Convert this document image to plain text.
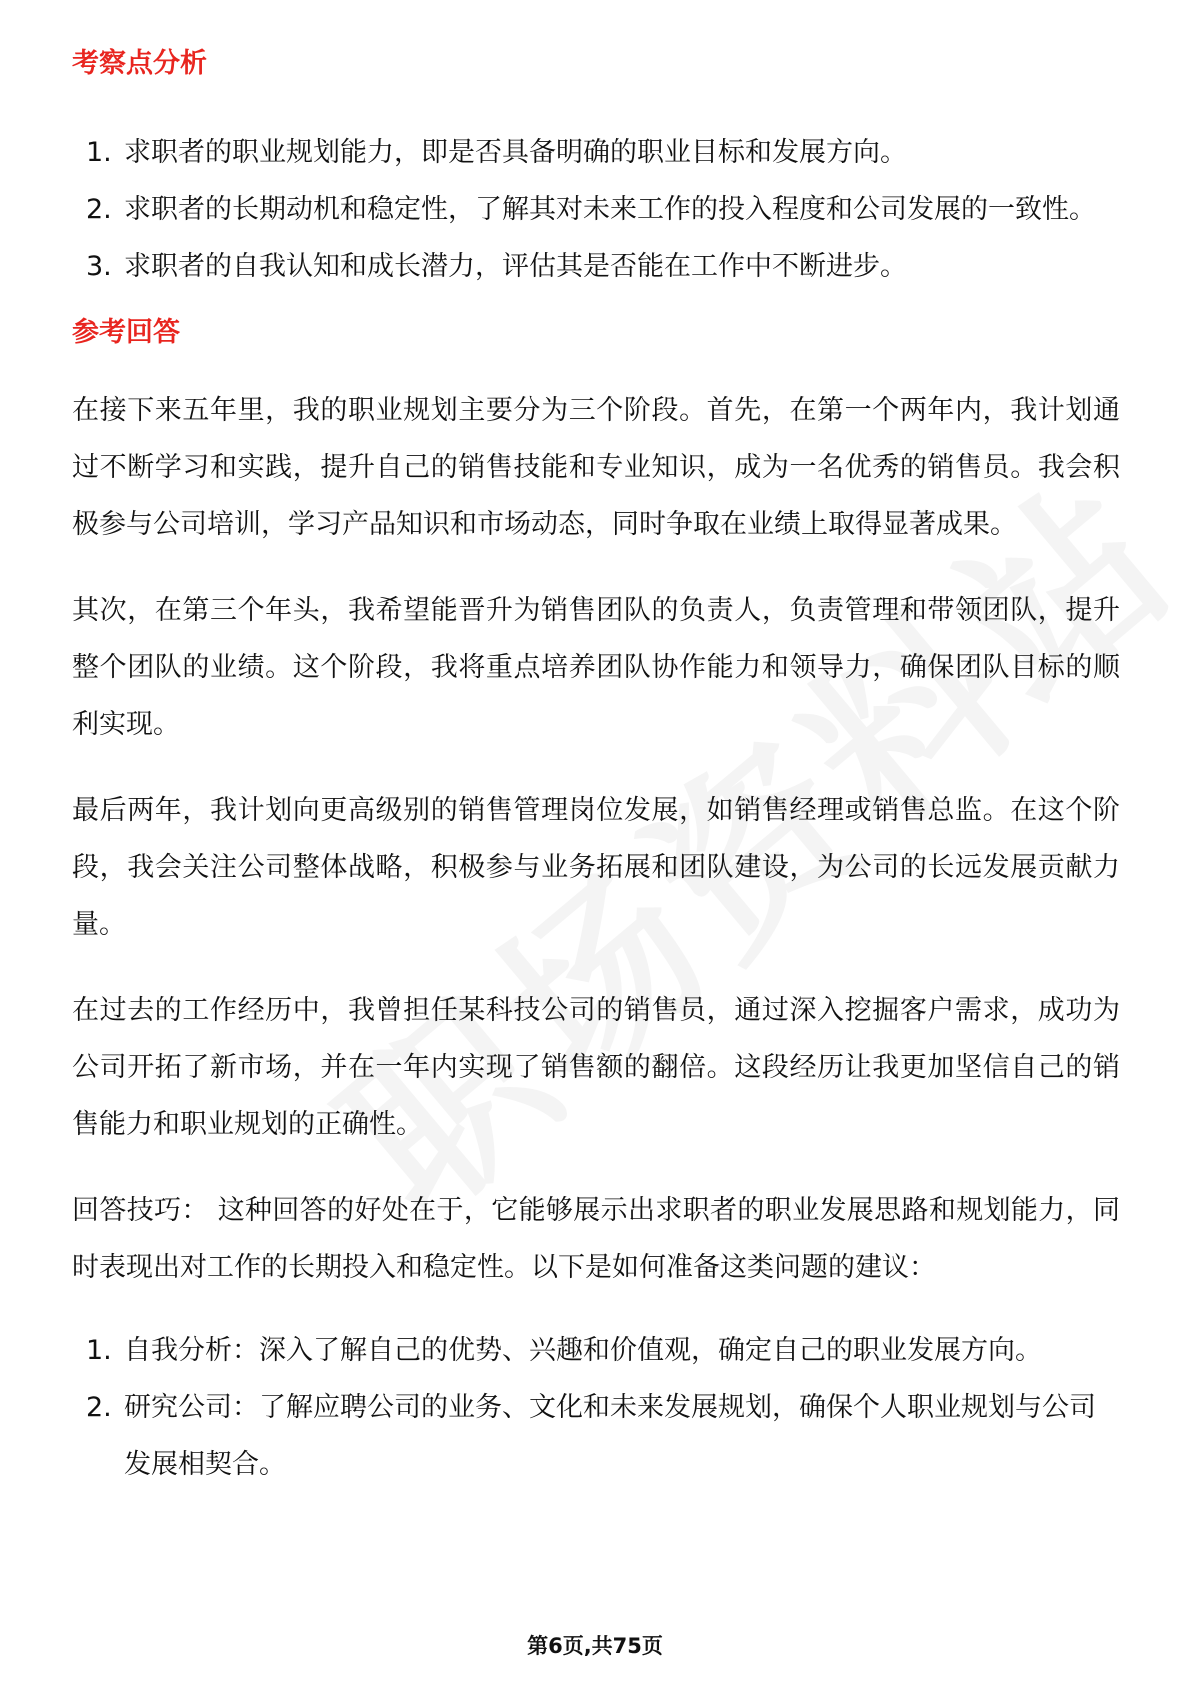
考察点分析
1. 求职者的职业规划能力，即是否具备明确的职业目标和发展方向。
2. 求职者的长期动机和稳定性，了解其对未来工作的投入程度和公司发展的一致性。
3. 求职者的自我认知和成长潜力，评估其是否能在工作中不断进步。
参考回答

在接下来五年里，我的职业规划主要分为三个阶段。首先，在第一个两年内，我计划通过不断学习和实践，提升自己的销售技能和专业知识，成为一名优秀的销售员。我会积极参与公司培训，学习产品知识和市场动态，同时争取在业绩上取得显著成果。

其次，在第三个年头，我希望能晋升为销售团队的负责人，负责管理和带领团队，提升整个团队的业绩。这个阶段，我将重点培养团队协作能力和领导力，确保团队目标的顺利实现。

最后两年，我计划向更高级别的销售管理岗位发展，如销售经理或销售总监。在这个阶段，我会关注公司整体战略，积极参与业务拓展和团队建设，为公司的长远发展贡献力量。

在过去的工作经历中，我曾担任某科技公司的销售员，通过深入挖掘客户需求，成功为公司开拓了新市场，并在一年内实现了销售额的翻倍。这段经历让我更加坚信自己的销售能力和职业规划的正确性。

回答技巧： 这种回答的好处在于，它能够展示出求职者的职业发展思路和规划能力，同时表现出对工作的长期投入和稳定性。以下是如何准备这类问题的建议：

1. 自我分析：深入了解自己的优势、兴趣和价值观，确定自己的职业发展方向。
2. 研究公司：了解应聘公司的业务、文化和未来发展规划，确保个人职业规划与公司发展相契合。
第6页,共75页
